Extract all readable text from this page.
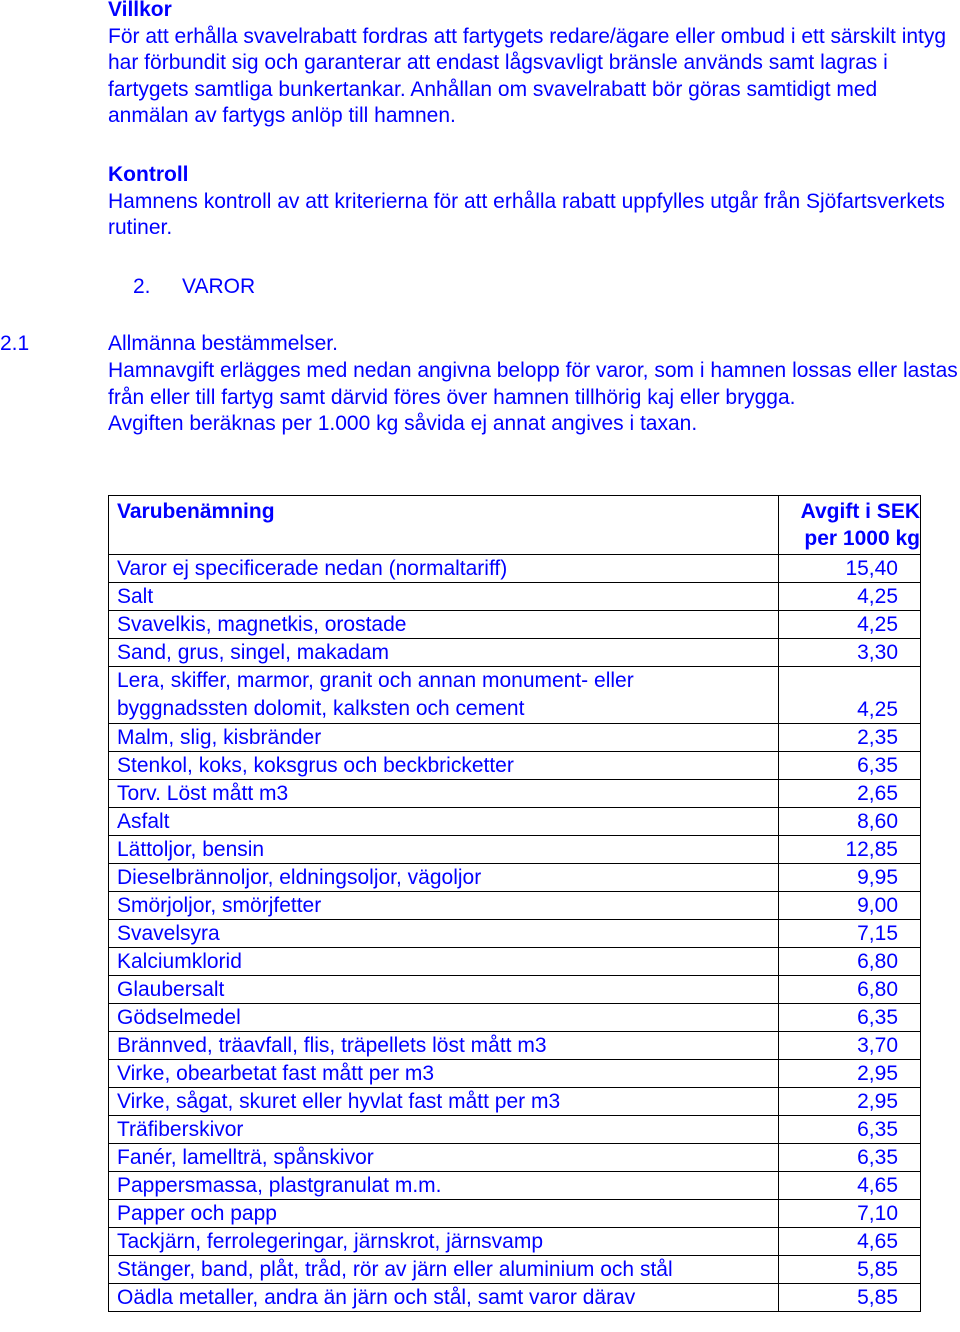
Villkor
För att erhålla svavelrabatt fordras att fartygets redare/ägare eller ombud i ett särskilt intyg har förbundit sig och garanterar att endast lågsvavligt bränsle används samt lagras i fartygets samtliga bunkertankar. Anhållan om svavelrabatt bör göras samtidigt med anmälan av fartygs anlöp till hamnen.
Kontroll
Hamnens kontroll av att kriterierna för att erhålla rabatt uppfylles utgår från Sjöfartsverkets rutiner.
2. VAROR
2.1	Allmänna bestämmelser.
Hamnavgift erlägges med nedan angivna belopp för varor, som i hamnen lossas eller lastas från eller till fartyg samt därvid föres över hamnen tillhörig kaj eller brygga.
Avgiften beräknas per 1.000 kg såvida ej annat angives i taxan.
Varubenämning	Avgift i SEK
per 1000 kg

Varor ej specificerade nedan (normaltariff)	15,40
Salt	4,25
Svavelkis, magnetkis, orostade	4,25
Sand, grus, singel, makadam	3,30
Lera, skiffer, marmor, granit och annan monument- eller byggnadssten dolomit, kalksten och cement	4,25
Malm, slig, kisbränder	2,35
Stenkol, koks, koksgrus och beckbricketter	6,35
Torv. Löst mått m3	2,65
Asfalt	8,60
Lättoljor, bensin	12,85
Dieselbrännoljor, eldningsoljor, vägoljor	9,95
Smörjoljor, smörjfetter	9,00
Svavelsyra	7,15
Kalciumklorid	6,80
Glaubersalt	6,80
Gödselmedel	6,35
Brännved, träavfall, flis, träpellets löst mått m3	3,70
Virke, obearbetat fast mått per m3	2,95
Virke, sågat, skuret eller hyvlat fast mått per m3	2,95
Träfiberskivor	6,35
Fanér, lamellträ, spånskivor	6,35
Pappersmassa, plastgranulat m.m.	4,65
Papper och papp	7,10
Tackjärn, ferrolegeringar, järnskrot, järnsvamp	4,65
Stänger, band, plåt, tråd, rör av järn eller aluminium och stål	5,85
Oädla metaller, andra än järn och stål, samt varor därav	5,85
